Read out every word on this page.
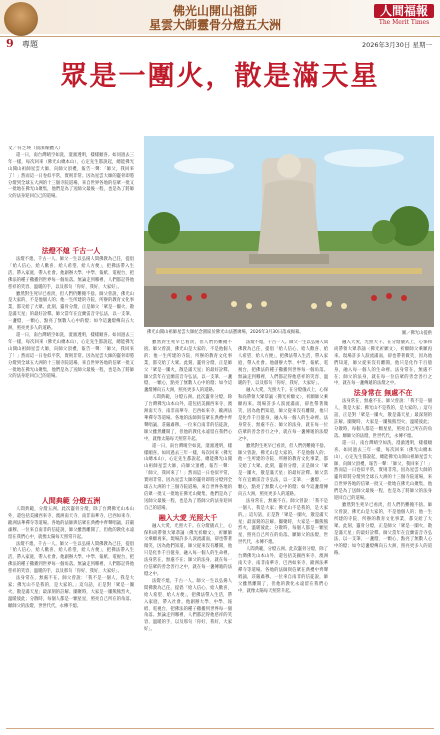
佛光山開山祖師
星雲大師靈骨分燈五大洲
人間福報
The Merit Times
9 專題	2026年3月30日 星期一
眾是一團火，散是滿天星

文／符芝瑛（資深媒體人）

還一日，南台灣晴空如洗，澄澈透明，樣樣順喜。如同過去三年一樣，每次回來（佛光山總本山），心定先生都說起，總能佛光山開山祖師星雲大師，向師父頂禮，報告一聲：「師父，我回來了！」然而這一日卷似平常，實則非常。因為星雲大師的靈骨即將分燈到全球五大洲的十三個寺院道場，來自世界各地的信眾一批又一批地在佛光山聚集，他們是為了送師父最後一程，也是為了將師父的法身迎回自己的道場。

法燈不熄 千古一人

法燈不熄，千古一人。師父一生以弘揚人間佛教為己任，提倡「給人信心、給人歡喜、給人希望、給人方便」，把佛法帶入生活，帶入家庭，帶入社會。他創辦大學、中學、報紙、電視台，把佛法的種子撒播到世界每一個角落。無論走到哪裡，人們都記得他慈祥的笑容、溫暖的手，以及那句「你好，我好，大家好」。

雖然對生死早已看淡，但人們仍難掩不捨。師父曾說，佛光山是大家的，不是他個人的；他一生所建的寺院、所辦的教育文化事業，都交給了大眾。此刻，靈骨分燈，正是師父「眾是一團火，散是滿天星」的最好詮釋。師父當年在宜蘭雷音寺弘法，以一支筆、一盞燈、一顆心，點亮了無數人心中的燈；如今這盞燈傳向五大洲，照亮更多人的道路。

還一日，南台灣晴空如洗，澄澈透明，樣樣順喜。如同過去三年一樣，每次回來（佛光山總本山），心定先生都說起，總能佛光山開山祖師星雲大師，向師父頂禮，報告一聲：「師父，我回來了！」然而這一日卷似平常，實則非常。因為星雲大師的靈骨即將分燈到全球五大洲的十三個寺院道場，來自世界各地的信眾一批又一批地在佛光山聚集，他們是為了送師父最後一程，也是為了將師父的法身迎回自己的道場。

人間典範 分燈五洲

人間典範，分燈五洲。此次靈骨分燈，除了台灣佛光山本山外，還包括美國西來寺、澳洲南天寺、南非南華寺、巴西如來寺、歐洲法華禪寺等道場。各地的法師與信眾在典禮中齊聲唱誦，莊嚴肅穆。一位來自南非的信徒說，師父雖然離開了，但他的教化永遠留在我們心中，就像太陽每天照常升起。

法燈不熄，千古一人。師父一生以弘揚人間佛教為己任，提倡「給人信心、給人歡喜、給人希望、給人方便」，把佛法帶入生活，帶入家庭，帶入社會。他創辦大學、中學、報紙、電視台，把佛法的種子撒播到世界每一個角落。無論走到哪裡，人們都記得他慈祥的笑容、溫暖的手，以及那句「你好，我好，大家好」。

法身常在，無處不在。師父曾說：「我不是一個人，我是大家；佛光山不是我的，是大家的。」這句話，正是對「眾是一團火，散是滿天星」最深刻的註解。團聚時，大家是一團熊熊烈火，溫暖彼此；分散時，每個人都是一顆星星，照亮自己所在的角落。願師父的法燈，世世代代，永傳不熄。

佛光山開山祖師星雲大師紀念園區於佛光山法寶廣場，2026年3月30日落成揭幕。	圖／佛光山提供

雖然對生死早已看淡，但人們仍難掩不捨。師父曾說，佛光山是大家的，不是他個人的；他一生所建的寺院、所辦的教育文化事業，都交給了大眾。此刻，靈骨分燈，正是師父「眾是一團火，散是滿天星」的最好詮釋。師父當年在宜蘭雷音寺弘法，以一支筆、一盞燈、一顆心，點亮了無數人心中的燈；如今這盞燈傳向五大洲，照亮更多人的道路。

人間典範，分燈五洲。此次靈骨分燈，除了台灣佛光山本山外，還包括美國西來寺、澳洲南天寺、南非南華寺、巴西如來寺、歐洲法華禪寺等道場。各地的法師與信眾在典禮中齊聲唱誦，莊嚴肅穆。一位來自南非的信徒說，師父雖然離開了，但他的教化永遠留在我們心中，就像太陽每天照常升起。

還一日，南台灣晴空如洗，澄澈透明，樣樣順喜。如同過去三年一樣，每次回來（佛光山總本山），心定先生都說起，總能佛光山開山祖師星雲大師，向師父頂禮，報告一聲：「師父，我回來了！」然而這一日卷似平常，實則非常。因為星雲大師的靈骨即將分燈到全球五大洲的十三個寺院道場，來自世界各地的信眾一批又一批地在佛光山聚集，他們是為了送師父最後一程，也是為了將師父的法身迎回自己的道場。

融入大愛 光照大千

融入大愛，光照大千。在分燈儀式上，心保和尚帶領大眾恭誦〈佛光祈願文〉，祈願師父乘願再來。現場許多人淚流滿面，卻也帶著微笑，因為他們知道，師父從來沒有離開，他只是化作千百億身，融入每一個人的生命裡。法身常在，無處不在；師父的法身，就在每一位信眾的善念善行之中，就在每一盞傳遞的法燈之中。

法燈不熄，千古一人。師父一生以弘揚人間佛教為己任，提倡「給人信心、給人歡喜、給人希望、給人方便」，把佛法帶入生活，帶入家庭，帶入社會。他創辦大學、中學、報紙、電視台，把佛法的種子撒播到世界每一個角落。無論走到哪裡，人們都記得他慈祥的笑容、溫暖的手，以及那句「你好，我好，大家好」。

法燈不熄，千古一人。師父一生以弘揚人間佛教為己任，提倡「給人信心、給人歡喜、給人希望、給人方便」，把佛法帶入生活，帶入家庭，帶入社會。他創辦大學、中學、報紙、電視台，把佛法的種子撒播到世界每一個角落。無論走到哪裡，人們都記得他慈祥的笑容、溫暖的手，以及那句「你好，我好，大家好」。

融入大愛，光照大千。在分燈儀式上，心保和尚帶領大眾恭誦〈佛光祈願文〉，祈願師父乘願再來。現場許多人淚流滿面，卻也帶著微笑，因為他們知道，師父從來沒有離開，他只是化作千百億身，融入每一個人的生命裡。法身常在，無處不在；師父的法身，就在每一位信眾的善念善行之中，就在每一盞傳遞的法燈之中。

雖然對生死早已看淡，但人們仍難掩不捨。師父曾說，佛光山是大家的，不是他個人的；他一生所建的寺院、所辦的教育文化事業，都交給了大眾。此刻，靈骨分燈，正是師父「眾是一團火，散是滿天星」的最好詮釋。師父當年在宜蘭雷音寺弘法，以一支筆、一盞燈、一顆心，點亮了無數人心中的燈；如今這盞燈傳向五大洲，照亮更多人的道路。

法身常在，無處不在。師父曾說：「我不是一個人，我是大家；佛光山不是我的，是大家的。」這句話，正是對「眾是一團火，散是滿天星」最深刻的註解。團聚時，大家是一團熊熊烈火，溫暖彼此；分散時，每個人都是一顆星星，照亮自己所在的角落。願師父的法燈，世世代代，永傳不熄。

人間典範，分燈五洲。此次靈骨分燈，除了台灣佛光山本山外，還包括美國西來寺、澳洲南天寺、南非南華寺、巴西如來寺、歐洲法華禪寺等道場。各地的法師與信眾在典禮中齊聲唱誦，莊嚴肅穆。一位來自南非的信徒說，師父雖然離開了，但他的教化永遠留在我們心中，就像太陽每天照常升起。

融入大愛，光照大千。在分燈儀式上，心保和尚帶領大眾恭誦〈佛光祈願文〉，祈願師父乘願再來。現場許多人淚流滿面，卻也帶著微笑，因為他們知道，師父從來沒有離開，他只是化作千百億身，融入每一個人的生命裡。法身常在，無處不在；師父的法身，就在每一位信眾的善念善行之中，就在每一盞傳遞的法燈之中。

法身常在 無處不在

法身常在，無處不在。師父曾說：「我不是一個人，我是大家；佛光山不是我的，是大家的。」這句話，正是對「眾是一團火，散是滿天星」最深刻的註解。團聚時，大家是一團熊熊烈火，溫暖彼此；分散時，每個人都是一顆星星，照亮自己所在的角落。願師父的法燈，世世代代，永傳不熄。

還一日，南台灣晴空如洗，澄澈透明，樣樣順喜。如同過去三年一樣，每次回來（佛光山總本山），心定先生都說起，總能佛光山開山祖師星雲大師，向師父頂禮，報告一聲：「師父，我回來了！」然而這一日卷似平常，實則非常。因為星雲大師的靈骨即將分燈到全球五大洲的十三個寺院道場，來自世界各地的信眾一批又一批地在佛光山聚集，他們是為了送師父最後一程，也是為了將師父的法身迎回自己的道場。

雖然對生死早已看淡，但人們仍難掩不捨。師父曾說，佛光山是大家的，不是他個人的；他一生所建的寺院、所辦的教育文化事業，都交給了大眾。此刻，靈骨分燈，正是師父「眾是一團火，散是滿天星」的最好詮釋。師父當年在宜蘭雷音寺弘法，以一支筆、一盞燈、一顆心，點亮了無數人心中的燈；如今這盞燈傳向五大洲，照亮更多人的道路。
